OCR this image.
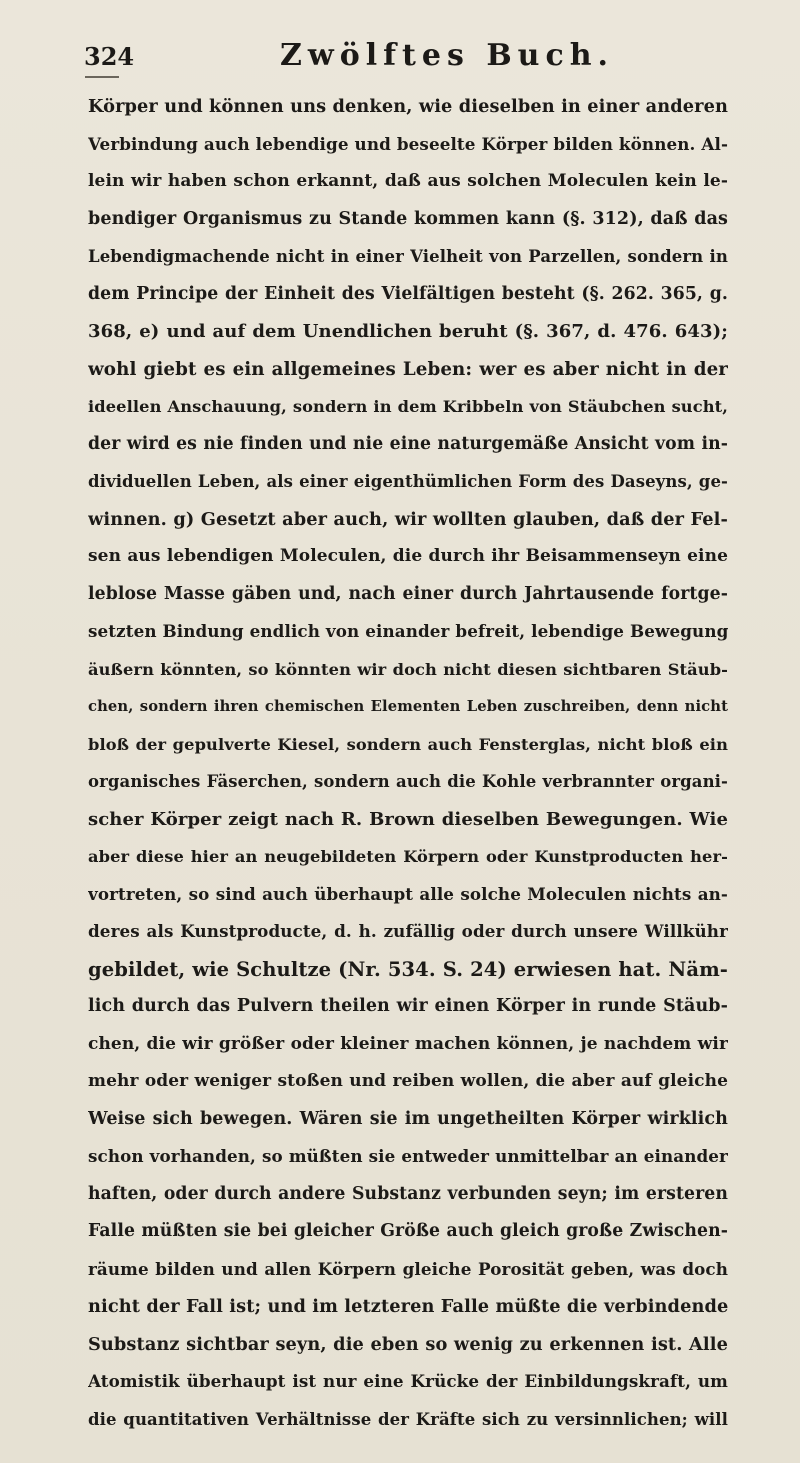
324	Zwölftes Buch.
Körper und können uns denken, wie dieselben in einer anderen
Verbindung auch lebendige und beseelte Körper bilden können. Al-
lein wir haben schon erkannt, daß aus solchen Moleculen kein le-
bendiger Organismus zu Stande kommen kann (§. 312), daß das
Lebendigmachende nicht in einer Vielheit von Parzellen, sondern in
dem Principe der Einheit des Vielfältigen besteht (§. 262. 365, g.
368, e) und auf dem Unendlichen beruht (§. 367, d. 476. 643);
wohl giebt es ein allgemeines Leben: wer es aber nicht in der
ideellen Anschauung, sondern in dem Kribbeln von Stäubchen sucht,
der wird es nie finden und nie eine naturgemäße Ansicht vom in-
dividuellen Leben, als einer eigenthümlichen Form des Daseyns, ge-
winnen. g) Gesetzt aber auch, wir wollten glauben, daß der Fel-
sen aus lebendigen Moleculen, die durch ihr Beisammenseyn eine
leblose Masse gäben und, nach einer durch Jahrtausende fortge-
setzten Bindung endlich von einander befreit, lebendige Bewegung
äußern könnten, so könnten wir doch nicht diesen sichtbaren Stäub-
chen, sondern ihren chemischen Elementen Leben zuschreiben, denn nicht
bloß der gepulverte Kiesel, sondern auch Fensterglas, nicht bloß ein
organisches Fäserchen, sondern auch die Kohle verbrannter organi-
scher Körper zeigt nach R. Brown dieselben Bewegungen. Wie
aber diese hier an neugebildeten Körpern oder Kunstproducten her-
vortreten, so sind auch überhaupt alle solche Moleculen nichts an-
deres als Kunstproducte, d. h. zufällig oder durch unsere Willkühr
gebildet, wie Schultze (Nr. 534. S. 24) erwiesen hat. Näm-
lich durch das Pulvern theilen wir einen Körper in runde Stäub-
chen, die wir größer oder kleiner machen können, je nachdem wir
mehr oder weniger stoßen und reiben wollen, die aber auf gleiche
Weise sich bewegen. Wären sie im ungetheilten Körper wirklich
schon vorhanden, so müßten sie entweder unmittelbar an einander
haften, oder durch andere Substanz verbunden seyn; im ersteren
Falle müßten sie bei gleicher Größe auch gleich große Zwischen-
räume bilden und allen Körpern gleiche Porosität geben, was doch
nicht der Fall ist; und im letzteren Falle müßte die verbindende
Substanz sichtbar seyn, die eben so wenig zu erkennen ist. Alle
Atomistik überhaupt ist nur eine Krücke der Einbildungskraft, um
die quantitativen Verhältnisse der Kräfte sich zu versinnlichen; will
